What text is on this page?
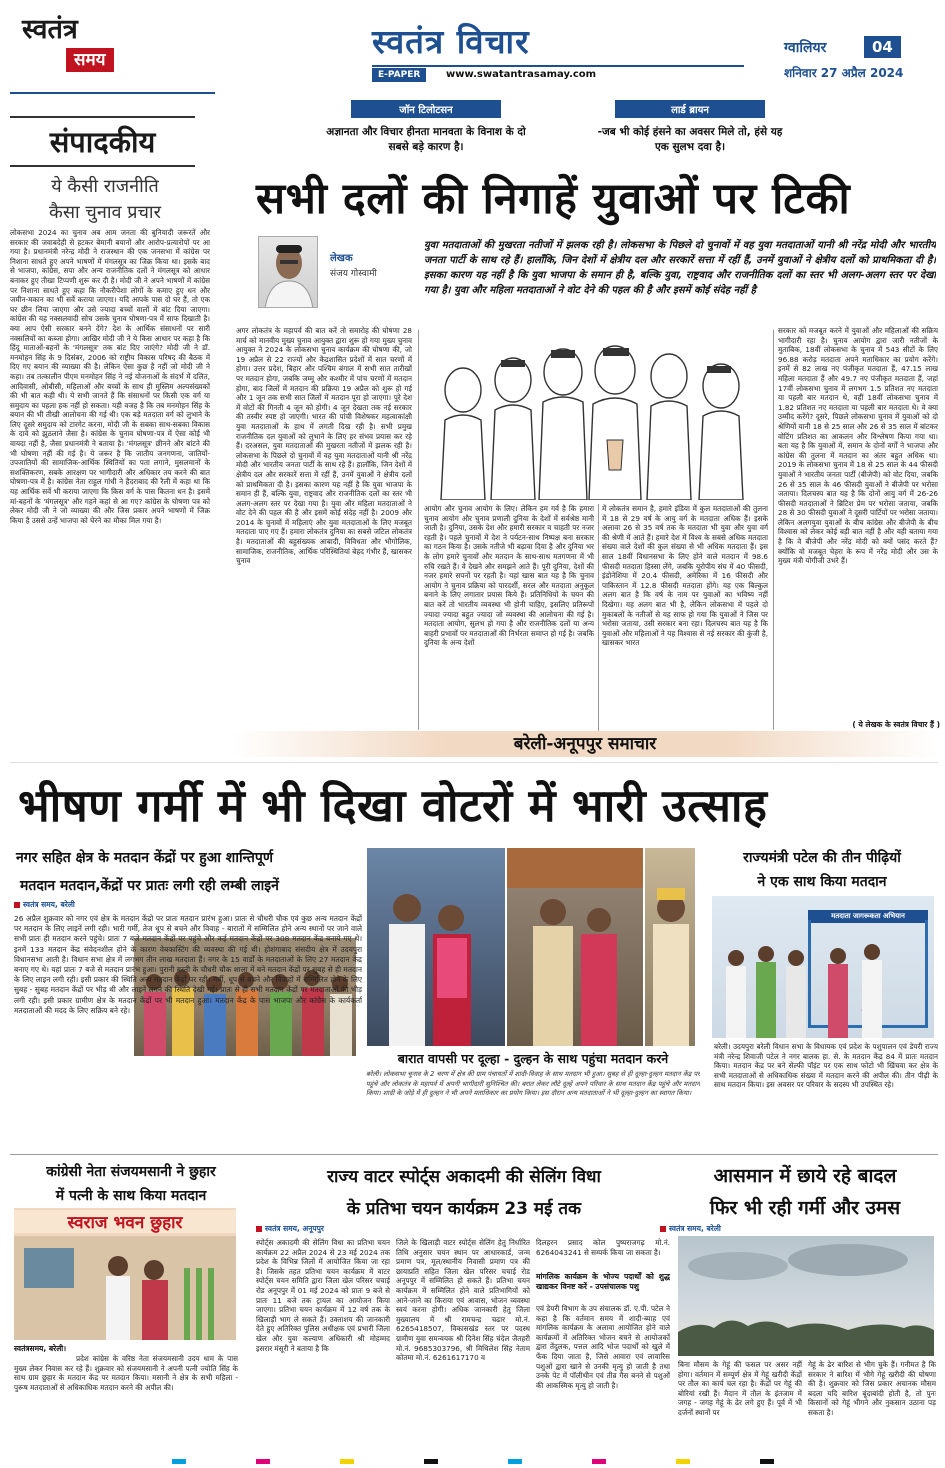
स्वतंत्र
समय	स्वतंत्र विचार
E-PAPER	www.swatantrasamay.com
ग्वालियर	04
शनिवार 27 अप्रैल 2024
संपादकीय
ये कैसी राजनीति
कैसा चुनाव प्रचार
लोकसभा 2024 का चुनाव अब आम जनता की बुनियादी जरूरतें और सरकार की जवाबदेही से हटकर बेमानी बयानों और आरोप-प्रत्यारोपों पर आ गया है। प्रधानमंत्री नरेन्द्र मोदी ने राजस्थान की एक जनसभा में कांग्रेस पर निशाना साधते हुए अपने भाषणों में मंगलसूत्र का जिक्र किया था। इसके बाद से भाजपा, कांग्रेस, सपा और अन्य राजनीतिक दलों ने मंगलसूत्र को आधार बनाकर हुए तीखा टिप्पणी शुरू कर दी है। मोदी जी ने अपने भाषणों में कांग्रेस पर निशाना साधते हुए कहा कि नौकरीपेशा लोगों के कमाए हुए धन और जमीन-मकान का भी सर्वे कराया जाएगा। यदि आपके पास दो घर हैं, तो एक घर छीन लिया जाएगा और उसे ज्यादा बच्चों वालों में बांट दिया जाएगा। कांग्रेस की यह नक्सलवादी सोच उसके चुनाव घोषणा-पत्र में साफ दिखाती है। क्या आप ऐसी सरकार बनने देंगे? देश के आर्थिक संसाधनों पर सारी नक्सलियों का कब्जा होगा। आखिर मोदी जी ने ये किस आधार पर कहा है कि हिंदू माताओं-बहनों के 'मंगलसूत्र' तक बांट दिए जाएंगे? मोदी जी ने डॉ. मनमोहन सिंह के 9 दिसंबर, 2006 को राष्ट्रीय विकास परिषद की बैठक में दिए गए बयान की व्याख्या की है। लेकिन ऐसा कुछ है नहीं जो मोदी जी ने कहा। तब तत्कालीन पीएम मनमोहन सिंह ने नई योजनाओं के संदर्भ में दलित, आदिवासी, ओबीसी, महिलाओं और बच्चों के साथ ही मुस्लिम अल्पसंख्यकों की भी बात कही थी। ये सभी जानते हैं कि संसाधनों पर किसी एक वर्ग या समुदाय का पहला हक नहीं हो सकता। यही वजह है कि तब मनमोहन सिंह के बयान की भी तीखी आलोचना की गई थी। एक बड़े मतदाता वर्ग को लुभाने के लिए दूसरे समुदाय को टारगेट करना, मोदी जी के सबका साथ-सबका विकास के दावे को झुठलाने जैसा है। कांग्रेस के चुनाव घोषणा-पत्र में ऐसा कोई भी वायदा नहीं है, जैसा प्रधानमंत्री ने बताया है। 'मंगलसूत्र' छीनने और बांटने की भी घोषणा नहीं की गई है। ये जरूर है कि जातीय जनगणना, जातियों-उपजातियों की सामाजिक-आर्थिक स्थितियों का पता लगाने, मुसलमानों के सशक्तिकरण, सबके आरक्षण पर भागीदारी और अधिकार तय करने की बात घोषणा-पत्र में है। कांग्रेस नेता राहुल गांधी ने हैदराबाद की रैली में कहा था कि यह आर्थिक सर्वे भी कराया जाएगा कि किस वर्ग के पास कितना धन है। इसमें मां-बहनों के 'मंगलसूत्र' और गहने कहां से आ गए? कांग्रेस के घोषणा पत्र को लेकर मोदी जी ने जो व्याख्या की और जिस प्रकार अपने भाषणों में जिक्र किया है उससे उन्हें भाजपा को घेरने का मौका मिल गया है।
जॉन टिलोटसन
अज्ञानता और विचार हीनता मानवता के विनाश के दो सबसे बड़े कारण है।
लार्ड ब्रायन
-जब भी कोई हंसने का अवसर मिले तो, हंसे यह एक सुलभ दवा है।
सभी दलों की निगाहें युवाओं पर टिकी
लेखक
संजय गोस्वामी
युवा मतदाताओं की मुखरता नतीजों में झलक रही है। लोकसभा के पिछले दो चुनावों में वह युवा मतदाताओं यानी श्री नरेंद्र मोदी और भारतीय जनता पार्टी के साथ रहे हैं। हालाँकि, जिन देशों में क्षेत्रीय दल और सरकारें सत्ता में रहीं हैं, उनमें युवाओं ने क्षेत्रीय दलों को प्राथमिकता दी है। इसका कारण यह नहीं है कि युवा भाजपा के समान ही है, बल्कि युवा, राष्ट्रवाद और राजनीतिक दलों का स्तर भी अलग-अलग स्तर पर देखा गया है। युवा और महिला मतदाताओं ने वोट देने की पहल की है और इसमें कोई संदेह नहीं है
अगर लोकतंत्र के महापर्व की बात करें तो समारोह की घोषणा 28 मार्च को मानवीय मुख्य चुनाव आयुक्त द्वारा शुरू हो गया मुख्य चुनाव आयुक्त ने 2024 के लोकसभा चुनाव कार्यक्रम की घोषणा की, जो 19 अप्रैल से 22 राज्यों और केंद्रशासित प्रदेशों में सात चरणों में होगा। उत्तर प्रदेश, बिहार और पश्चिम बंगाल में सभी सात तारीखों पर मतदान होगा, जबकि जम्मू और कश्मीर में पांच चरणों में मतदान होगा, बाद जिलों में मतदान की प्रक्रिया 19 अप्रैल को शुरू हो गई और 1 जून तक सभी सात जिलों में मतदान पूरा हो जाएगा। पूरे देश में वोटों की गिनती 4 जून को होगी। 4 जून देखता तक नई सरकार की तस्वीर स्पष्ट हो जाएगी। भारत की पांची विशेषकर महत्वाकांक्षी युवा मतदाताओं के हाथ में लगती दिख रही है। सभी प्रमुख राजनीतिक दल युवाओं को लुभाने के लिए हर संभव प्रयास कर रहे हैं। दरअसल, युवा मतदाताओं की मुखरता नतीजों में झलक रही है। लोकसभा के पिछले दो चुनावों में वह युवा मतदाताओं यानी श्री नरेंद्र मोदी और भारतीय जनता पार्टी के साथ रहे हैं। हालाँकि, जिन देशों में क्षेत्रीय दल और सरकारें सत्ता में रहीं हैं, उनमें युवाओं ने क्षेत्रीय दलों को प्राथमिकता दी है। इसका कारण यह नहीं है कि युवा भाजपा के समान ही हैं, बल्कि युवा, राष्ट्रवाद और राजनीतिक दलों का स्तर भी अलग-अलग स्तर पर देखा गया है। युवा और महिला मतदाताओं ने वोट देने की पहल की है और इसमें कोई संदेह नहीं है। 2009 और 2014 के चुनावों में महिलाएं और युवा मतदाताओं के लिए मजबूत मतदाता पाए गए हैं। हमारा लोकतंत्र दुनिया का सबसे जटिल लोकतंत्र है। मतदाताओं की बहुसंख्यक आबादी, विविधता और भौगोलिक, सामाजिक, राजनीतिक, आर्थिक परिस्थितियां बेहद गंभीर हैं, खासकर चुनाव
आयोग और चुनाव आयोग के लिए। लेकिन हम गर्व है कि हमारा चुनाव आयोग और चुनाव प्रणाली दुनिया के देशों में सर्वश्रेष्ठ मानी जाती है। दुनिया, उसके देश और हमारी सरकार व चाहती पर नजर रहती है। पहले चुनावों में देश ने पर्यटन-साथ निष्पक्ष बना सरकार का गठन किया है। उसके नतीजे भी बढ़ावा दिया है और दुनिया भर के लोग हमारे चुनावों और मतदान के साथ-साथ मतगणना में भी रुचि रखते हैं। वे देखने और समझने आते हैं। पूरी दुनिया, देशों की नजर हमारे सपनों पर रहती है। यहां खास बात यह है कि चुनाव आयोग ने चुनाव प्रक्रिया को पारदर्शी, सरल और मतदाता अनुकूल बनाने के लिए लगातार प्रयास किये हैं। प्रतिनिधियों के चयन की बात करें तो भारतीय व्यवस्था भी होनी चाहिए, इसलिए प्रतिरूपों ज्यादा ज्यादा बहुत ज्यादा जो व्यवस्था की आलोचना की गई है। मतदाता आयोग, सुलभ हो गया है और राजनीतिक दलों या अन्य बाहरी प्रभावों पर मतदाताओं की निर्भरता समाप्त हो गई है। जबकि दुनिया के अन्य देशों
में लोकतंत्र समान है, हमारे इंडिया में कुल मतदाताओं की तुलना में 18 से 29 वर्ष के आयु वर्ग के मतदाता अधिक हैं। इसके अलावा 26 से 35 वर्ष तक के मतदाता भी युवा और युवा वर्ग की श्रेणी में आते हैं। हमारे देश में विश्व के सबसे अधिक मतदाता संख्या वाले देशों की कुल संख्या से भी अधिक मतदाता हैं। इस साल 18वीं विधानसभा के लिए होने वाले मतदान में 98.6 फीसदी मतदाता हिस्सा लेंगे, जबकि यूरोपीय संघ में 40 फीसदी, इंडोनेशिया में 20.4 फीसदी, अमेरिका में 16 फीसदी और पाकिस्तान में 12.8 फीसदी मतदाता होंगे। यह एक बिल्कुल अलग बात है कि वर्ष के नाम पर युवाओं का भविष्य नहीं दिखेगा। यह अलग बात भी है, लेकिन लोकसभा में पहले दो मुकाबलों के नतीजों से यह साफ हो गया कि युवाओं ने जिस पर भरोसा जताया, उसी सरकार बना रहा। दिलचस्प बात यह है कि युवाओं और महिलाओं ने यह विश्वास से नई सरकार की कुंजी है, खासकर भारत
सरकार को मजबूत करने में युवाओं और महिलाओं की सक्रिय भागीदारी रहा है। चुनाव आयोग द्वारा जारी नतीजों के मुताबिक, 18वीं लोकसभा के चुनाव में 543 सीटों के लिए 96.88 करोड़ मतदाता अपने मताधिकार का प्रयोग करेंगे। इनमें से 82 लाख नए पंजीकृत मतदाता हैं, 47.15 लाख महिला मतदाता हैं और 49.7 नए पंजीकृत मतदाता हैं, जहां 17वीं लोकसभा चुनाव में लगभग 1.5 प्रतिशत नए मतदाता या पहली बार मतदान थे, वहीं 18वीं लोकसभा चुनाव में 1.82 प्रतिशत नए मतदाता या पहली बार मतदाता थे। वे क्या उम्मीद करेंगे? दूसरे, पिछले लोकसभा चुनाव में युवाओं को दो श्रेणियों यानी 18 से 25 साल और 26 से 35 साल में बांटकर वोटिंग प्रतिशत का आकलन और विश्लेषण किया गया था। बता यह है कि युवाओं में, समान के दोनों वर्गों ने भाजपा और कांग्रेस की तुलना में मतदान का अंतर बहुत अधिक था। 2019 के लोकसभा चुनाव में 18 से 25 साल के 44 फीसदी युवाओं ने भारतीय जनता पार्टी (बीजेपी) को वोट दिया, जबकि 26 से 35 साल के 46 फीसदी युवाओं ने बीजेपी पर भरोसा जताया। दिलचस्प बात यह है कि दोनों आयु वर्ग में 26-26 फीसदी मतदाताओं ने ब्रिटिश प्रेम पर भरोसा जताया, जबकि 28 से 30 फीसदी युवाओं ने दूसरी पार्टियों पर भरोसा जताया। लेकिन अलगयुवा युवाओं के बीच कांग्रेस और बीजेपी के बीच विश्वास को लेकर कोई बड़ी बात नहीं है और यही बताया गया है कि वे बीजेपी और नरेंद्र मोदी को क्यों पसंद करते हैं? क्योंकि वो मजबूत चेहरा के रूप में नरेंद्र मोदी और उस के मुख्य मंत्री योगीजी उभरे हैं।
( ये लेखक के स्वतंत्र विचार हैं )
बरेली-अनूपपुर समाचार
भीषण गर्मी में भी दिखा वोटरों में भारी उत्साह
नगर सहित क्षेत्र के मतदान केंद्रों पर हुआ शान्तिपूर्ण
मतदान मतदान,केंद्रों पर प्रातः लगी रही लम्बी लाइनें
स्वतंत्र समय, बरेली
26 अप्रैल शुक्रवार को नगर एवं क्षेत्र के मतदान केंद्रो पर प्रातः मतदान प्रारंभ हुआ। प्रातः से चौधरी चौक एवं कुछ अन्य मतदान केंद्रों पर मतदान के लिए लाइनें लगी रही। भारी गर्मी, तेज धूप से बचने और विवाह - बारातों में सम्मिलित होने अन्य स्थानों पर जाने वाले सभी प्रातः ही मतदान करने पहुंचे। प्रातः 7 बजे मतदान केंद्रों पर पहुंचे और कई मतदान केंद्रों पर 308 मतदान केंद्र बनाये गए थे। इनमें 133 मतदान केंद्र संवेदनशील होने के कारण वेबकास्टिंग की व्यवस्था की गई थी। होशंगाबाद संसदीय क्षेत्र में उदयपुरा विधानसभा आती है। विधान सभा क्षेत्र में लगभग तीन लाख मतदाता हैं। नगर के 15 वार्डों के मतदाताओं के लिए 27 मतदान केंद्र बनाए गए थे। यहां प्रातः 7 बजे से मतदान प्रारंभ हुआ। पुरानी बस्ती के चौधरी चौक शाला में बने मतदान केंद्रों पर सुबह से ही मतदान के लिए लाइन लगी रही। इसी प्रकार की स्थिति अन्य मतदान केंद्रों पर रही। गर्मी, धूप से बचने और विवाहों में सम्मिलित होने के लिए सुबह - सुबह मतदान केंद्रों पर भीड़ थी और लाइनें लगने की स्थिति देखी गई। प्रातः से ही सभी मतदान केंद्रों पर मतदाताओं की भीड़ लगी रही। इसी प्रकार ग्रामीण क्षेत्र के मतदान केंद्रों पर भी मतदान हुआ। मतदान केंद्र के पास भाजपा और कांग्रेस के कार्यकर्ता मतदाताओं की मदद के लिए सक्रिय बने रहे।
बारात वापसी पर दूल्हा - दुल्हन के साथ पहुंचा मतदान करने
बरेली। लोकसभा चुनाव के 2 चरण में क्षेत्र की ग्राम पंचायतों में शादी-विवाह के साथ मतदान भी हुआ। सुबह से ही दूल्हा-दुल्हन मतदान केंद्र पर पहुंचे और लोकतंत्र के महापर्व में अपनी भागीदारी सुनिश्चित की। बरात लेकर लौटे दूल्हे अपने परिवार के साथ मतदान केंद्र पहुंचे और मतदान किया। शादी के जोड़े में ही दुल्हन ने भी अपने मताधिकार का प्रयोग किया। इस दौरान अन्य मतदाताओं ने भी दूल्हा-दुल्हन का स्वागत किया।
राज्यमंत्री पटेल की तीन पीढ़ियों
ने एक साथ किया मतदान
मतदाता जागरूकता अभियान
बरेली। उदयपुरा बरेली विधान सभा के विधायक एवं प्रदेश के पशुपालन एवं डेयरी राज्य मंत्री नरेन्द्र शिवाजी पटेल ने नगर बालक हा. से. के मतदान केंद्र 84 में प्रातः मतदान किया। मतदान केंद्र पर बने सेल्फी पॉइंट पर एक साथ फोटो भी खिंचवा कर क्षेत्र के सभी मतदाताओं से अधिकाधिक संख्या में मतदान करने की अपील की। तीन पीढ़ी के साथ मतदान किया। इस अवसर पर परिवार के सदस्य भी उपस्थित रहे।
कांग्रेसी नेता संजयमसानी ने छुहार
में पत्नी के साथ किया मतदान
स्वराज भवन छुहार
स्वतंत्रसमय, बरेली।
प्रदेश कांग्रेस के वरिष्ठ नेता संजयमसानी उदय धाम के पास मुख्य लेकर निवास कर रहे हैं। शुक्रवार को संजयमसानी ने अपनी पत्नी ज्योति सिंह के साथ ग्राम छुहार के मतदान केंद्र पर मतदान किया। मसानी ने क्षेत्र के सभी महिला - पुरूष मतदाताओं से अधिकाधिक मतदान करने की अपील की।
राज्य वाटर स्पोर्ट्स अकादमी की सेलिंग विधा
के प्रतिभा चयन कार्यक्रम 23 मई तक
स्वतंत्र समय, अनूपपुर
स्पोर्ट्स अकादमी की सेलिंग विधा का प्रतिभा चयन कार्यक्रम 22 अप्रैल 2024 से 23 मई 2024 तक प्रदेश के विभिन्न जिलों में आयोजित किया जा रहा है। जिसके तहत प्रतिभा चयन कार्यक्रम में वाटर स्पोर्ट्स चयन समिति द्वारा जिला खेल परिसर चचाई रोड अनूपपुर में 01 मई 2024 को प्रातः 9 बजे से प्रातः 11 बजे तक ट्रायल का आयोजन किया जाएगा। प्रतिभा चयन कार्यक्रम में 12 वर्ष तक के खिलाड़ी भाग ले सकते हैं। उक्ताशय की जानकारी देते हुए अतिरिक्त पुलिस अधीक्षक एवं प्रभारी जिला खेल और युवा कल्याण अधिकारी श्री मोहम्मद इसरार मंसूरी ने बताया है कि
जिले के खिलाड़ी वाटर स्पोर्ट्स सेलिंग हेतु निर्धारित तिथि अनुसार चयन स्थान पर आधारकार्ड, जन्म प्रमाण पत्र, मूल/स्थानीय निवासी प्रमाण पत्र की छायाप्रति सहित जिला खेल परिसर चचाई रोड अनूपपुर में सम्मिलित हो सकते हैं। प्रतिभा चयन कार्यक्रम में सम्मिलित होने वाले प्रतिभागियों को आने-जाने का किराया एवं आवास, भोजन व्यवस्था स्वयं करना होगी। अधिक जानकारी हेतु जिला मुख्यालय में श्री रामचन्द्र चढार मो.नं. 6265418507, विकासखंड स्तर पर पदस्थ ग्रामीण युवा समन्वयक श्री दिनेश सिंह चंदेल जैतहरी मो.नं. 9685303796, श्री मिथिलेश सिंह नेताम कोतमा मो.नं. 6261617170 व
दिलहरन प्रसाद कोल पुष्पराजगढ़ मो.नं. 6264043241 से सम्पर्क किया जा सकता है।
मांगलिक कार्यक्रम के भोज्य पदार्थों को शुद्ध खाद्यकर विनष्ट करें - उपसंचालक पशु
एवं डेयरी विभाग के उप संचालक डॉ. ए.पी. पटेल ने कहा है कि वर्तमान समय में शादी-ब्याह एवं मांगलिक कार्यक्रम के अलावा आयोजित होने वाले कार्यक्रमों में अतिरिक्त भोजन बचने से आयोजकों द्वारा तेंदुलक, पत्तल आदि भोज पदार्थों को खुले में फेंक दिया जाता है, जिसे आवारा एवं लावारिस पशुओं द्वारा खाने से उनकी मृत्यु हो जाती है तथा उनके पेट में पॉलीथीन एवं तीव्र गैस बनने से पशुओं की आकस्मिक मृत्यु हो जाती है।
आसमान में छाये रहे बादल
फिर भी रही गर्मी और उमस
स्वतंत्र समय, बरेली
बिना मौसम के गेहूं की फसल पर असर नहीं होगा। वर्तमान में सम्पूर्ण क्षेत्र में गेहूं खरीदी केंद्रों पर तौल का कार्य चल रहा है। केंद्रों पर गेहूं की बोरियां रखी हैं। मैदान में तौल के इंतजाम में जगह - जगह गेहूं के ढेर लगे हुए हैं। पूर्व में भी दर्जनों स्थानों पर
गेहूं के ढेर बारिश से भीग चुके हैं। गनीमत है कि सरकार ने बारिश में भीगे गेहूं खरीदी की घोषणा की है। शुक्रवार को जिस प्रकार अचानक मौसम बदला यदि बारिश बूंदाबांदी होती है, तो पुनः किसानों को गेहूं भीगने और नुकसान उठाना पड़ सकता है।
